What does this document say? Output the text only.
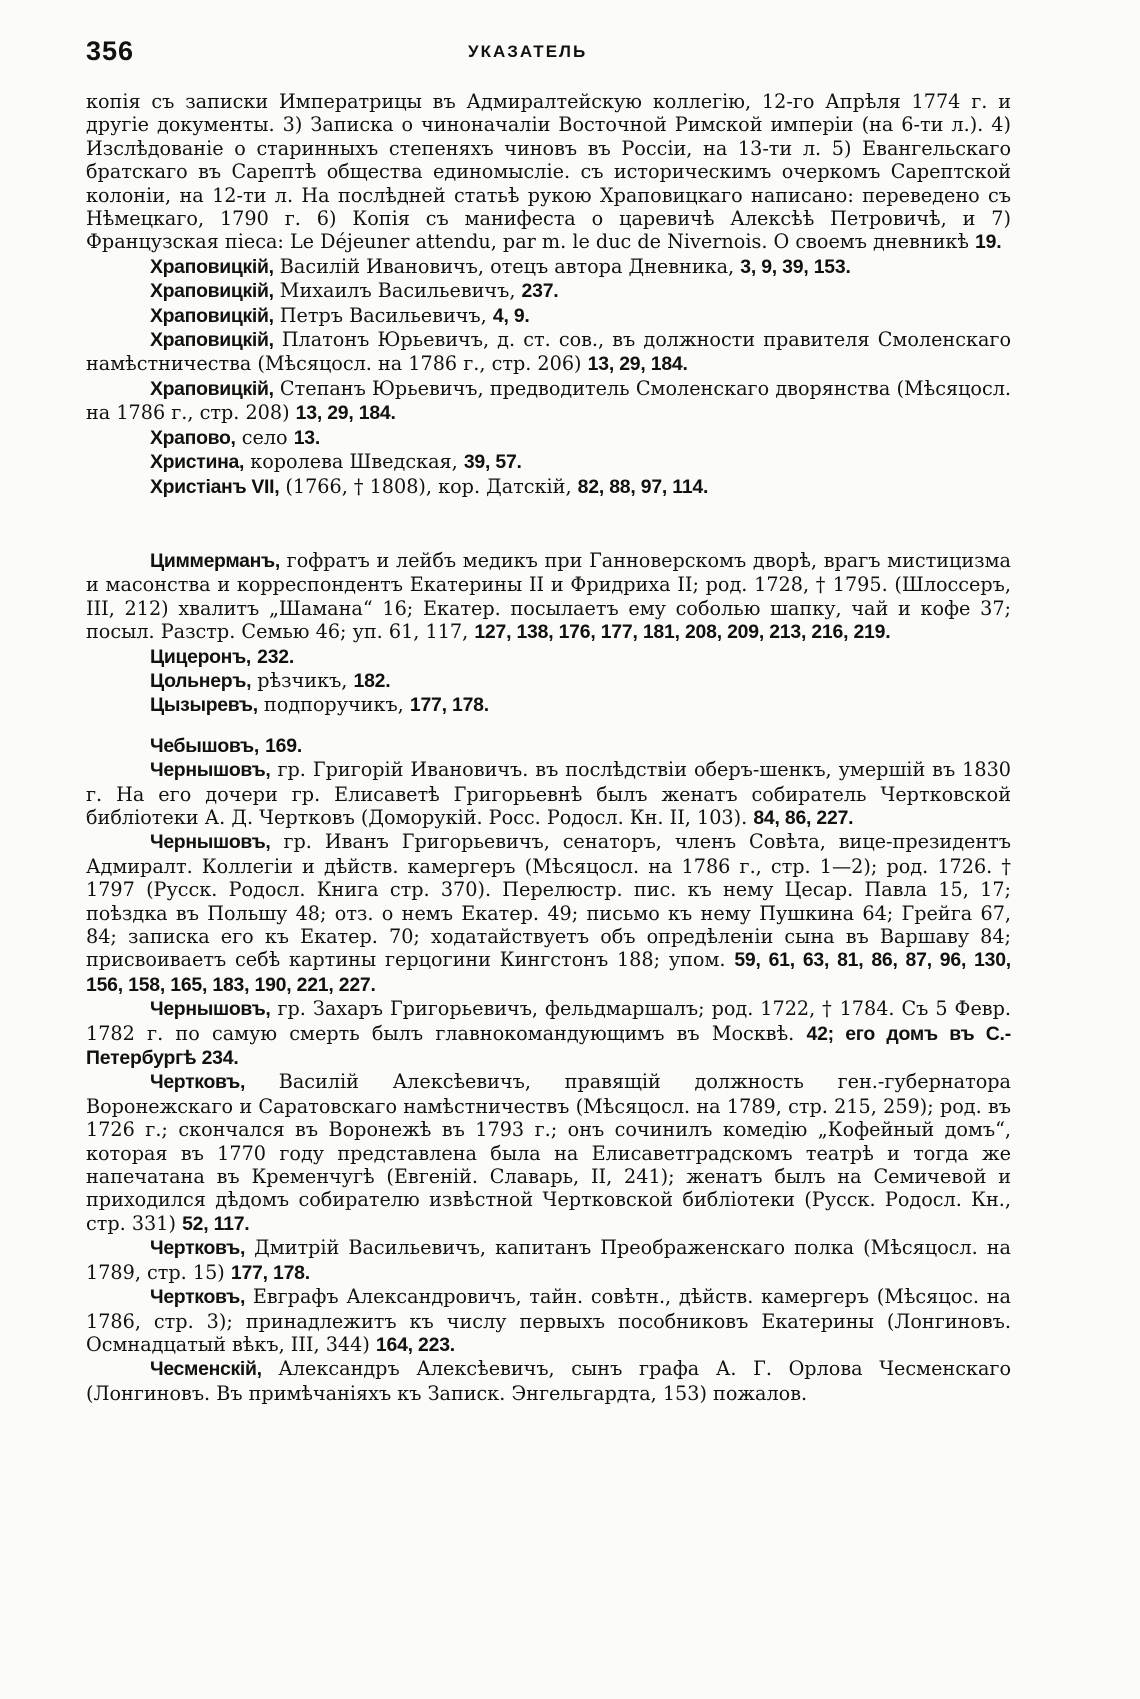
356	УКАЗАТЕЛЬ

копія съ записки Императрицы въ Адмиралтейскую коллегію, 12-го Апрѣля 1774 г. и другіе документы. 3) Записка о чиноначаліи Восточной Римской имперіи (на 6-ти л.). 4) Изслѣдованіе о старинныхъ степеняхъ чиновъ въ Россіи, на 13-ти л. 5) Евангельскаго братскаго въ Сарептѣ общества единомысліе. съ историческимъ очеркомъ Сарептской колоніи, на 12-ти л. На послѣдней статьѣ рукою Храповицкаго написано: переведено съ Нѣмецкаго, 1790 г. 6) Копія съ манифеста о царевичѣ Алексѣѣ Петровичѣ, и 7) Французская піеса: Le Déjeuner attendu, par m. le duc de Nivernois. О своемъ дневникѣ 19.

Храповицкій, Василій Ивановичъ, отецъ автора Дневника, 3, 9, 39, 153.

Храповицкій, Михаилъ Васильевичъ, 237.

Храповицкій, Петръ Васильевичъ, 4, 9.

Храповицкій, Платонъ Юрьевичъ, д. ст. сов., въ должности правителя Смоленскаго намѣстничества (Мѣсяцосл. на 1786 г., стр. 206) 13, 29, 184.

Храповицкій, Степанъ Юрьевичъ, предводитель Смоленскаго дворянства (Мѣсяцосл. на 1786 г., стр. 208) 13, 29, 184.

Храпово, село 13.

Христина, королева Шведская, 39, 57.

Христіанъ VII, (1766, † 1808), кор. Датскій, 82, 88, 97, 114.

Циммерманъ, гофратъ и лейбъ медикъ при Ганноверскомъ дворѣ, врагъ мистицизма и масонства и корреспондентъ Екатерины II и Фридриха II; род. 1728, † 1795. (Шлоссеръ, III, 212) хвалитъ „Шамана“ 16; Екатер. посылаетъ ему соболью шапку, чай и кофе 37; посыл. Разстр. Семью 46; уп. 61, 117, 127, 138, 176, 177, 181, 208, 209, 213, 216, 219.

Цицеронъ, 232.

Цольнеръ, рѣзчикъ, 182.

Цызыревъ, подпоручикъ, 177, 178.

Чебышовъ, 169.

Чернышовъ, гр. Григорій Ивановичъ. въ послѣдствіи оберъ-шенкъ, умершій въ 1830 г. На его дочери гр. Елисаветѣ Григорьевнѣ былъ женатъ собиратель Чертковской библіотеки А. Д. Чертковъ (Доморукій. Росс. Родосл. Кн. II, 103). 84, 86, 227.

Чернышовъ, гр. Иванъ Григорьевичъ, сенаторъ, членъ Совѣта, вице-президентъ Адмиралт. Коллегіи и дѣйств. камергеръ (Мѣсяцосл. на 1786 г., стр. 1—2); род. 1726. † 1797 (Русск. Родосл. Книга стр. 370). Перелюстр. пис. къ нему Цесар. Павла 15, 17; поѣздка въ Польшу 48; отз. о немъ Екатер. 49; письмо къ нему Пушкина 64; Грейга 67, 84; записка его къ Екатер. 70; ходатайствуетъ объ опредѣленіи сына въ Варшаву 84; присвоиваетъ себѣ картины герцогини Кингстонъ 188; упом. 59, 61, 63, 81, 86, 87, 96, 130, 156, 158, 165, 183, 190, 221, 227.

Чернышовъ, гр. Захаръ Григорьевичъ, фельдмаршалъ; род. 1722, † 1784. Съ 5 Февр. 1782 г. по самую смерть былъ главнокомандующимъ въ Москвѣ. 42; его домъ въ С.-Петербургѣ 234.

Чертковъ, Василій Алексѣевичъ, правящій должность ген.-губернатора Воронежскаго и Саратовскаго намѣстничествъ (Мѣсяцосл. на 1789, стр. 215, 259); род. въ 1726 г.; скончался въ Воронежѣ въ 1793 г.; онъ сочинилъ комедію „Кофейный домъ“, которая въ 1770 году представлена была на Елисаветградскомъ театрѣ и тогда же напечатана въ Кременчугѣ (Евгеній. Славарь, II, 241); женатъ былъ на Семичевой и приходился дѣдомъ собирателю извѣстной Чертковской библіотеки (Русск. Родосл. Кн., стр. 331) 52, 117.

Чертковъ, Дмитрій Васильевичъ, капитанъ Преображенскаго полка (Мѣсяцосл. на 1789, стр. 15) 177, 178.

Чертковъ, Евграфъ Александровичъ, тайн. совѣтн., дѣйств. камергеръ (Мѣсяцос. на 1786, стр. 3); принадлежитъ къ числу первыхъ пособниковъ Екатерины (Лонгиновъ. Осмнадцатый вѣкъ, III, 344) 164, 223.

Чесменскій, Александръ Алексѣевичъ, сынъ графа А. Г. Орлова Чесменскаго (Лонгиновъ. Въ примѣчаніяхъ къ Записк. Энгельгардта, 153) пожалов.
